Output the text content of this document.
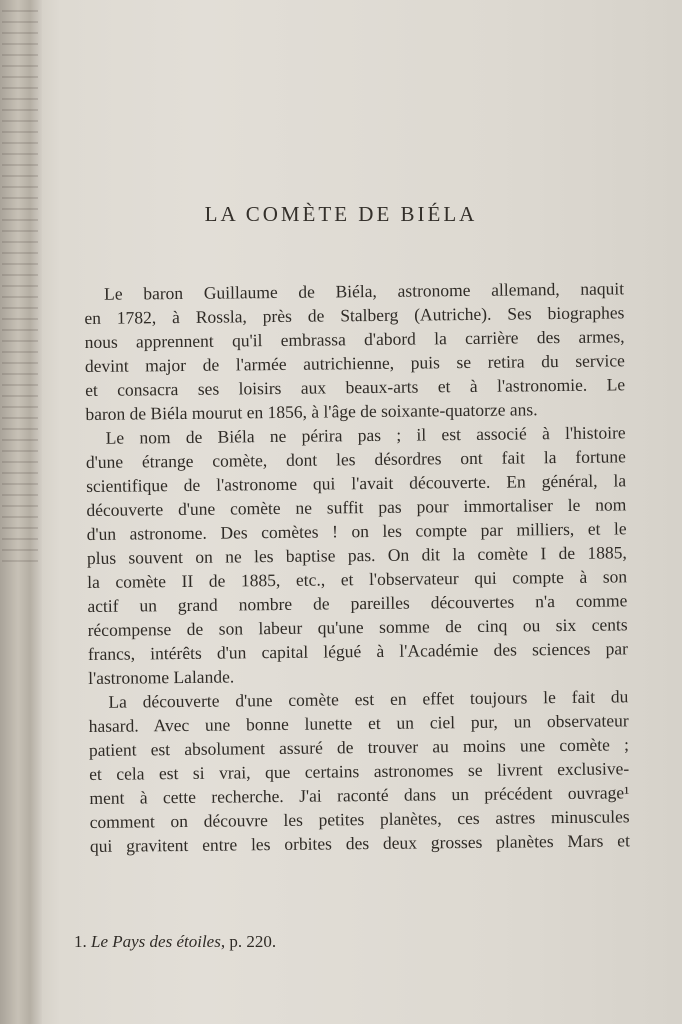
LA COMÈTE DE BIÉLA
Le baron Guillaume de Biéla, astronome allemand, naquit
en 1782, à Rossla, près de Stalberg (Autriche). Ses biographes
nous apprennent qu'il embrassa d'abord la carrière des armes,
devint major de l'armée autrichienne, puis se retira du service
et consacra ses loisirs aux beaux-arts et à l'astronomie. Le
baron de Biéla mourut en 1856, à l'âge de soixante-quatorze ans.
Le nom de Biéla ne périra pas ; il est associé à l'histoire
d'une étrange comète, dont les désordres ont fait la fortune
scientifique de l'astronome qui l'avait découverte. En général, la
découverte d'une comète ne suffit pas pour immortaliser le nom
d'un astronome. Des comètes ! on les compte par milliers, et le
plus souvent on ne les baptise pas. On dit la comète I de 1885,
la comète II de 1885, etc., et l'observateur qui compte à son
actif un grand nombre de pareilles découvertes n'a comme
récompense de son labeur qu'une somme de cinq ou six cents
francs, intérêts d'un capital légué à l'Académie des sciences par
l'astronome Lalande.
La découverte d'une comète est en effet toujours le fait du
hasard. Avec une bonne lunette et un ciel pur, un observateur
patient est absolument assuré de trouver au moins une comète ;
et cela est si vrai, que certains astronomes se livrent exclusive-
ment à cette recherche. J'ai raconté dans un précédent ouvrage¹
comment on découvre les petites planètes, ces astres minuscules
qui gravitent entre les orbites des deux grosses planètes Mars et
1. Le Pays des étoiles, p. 220.
